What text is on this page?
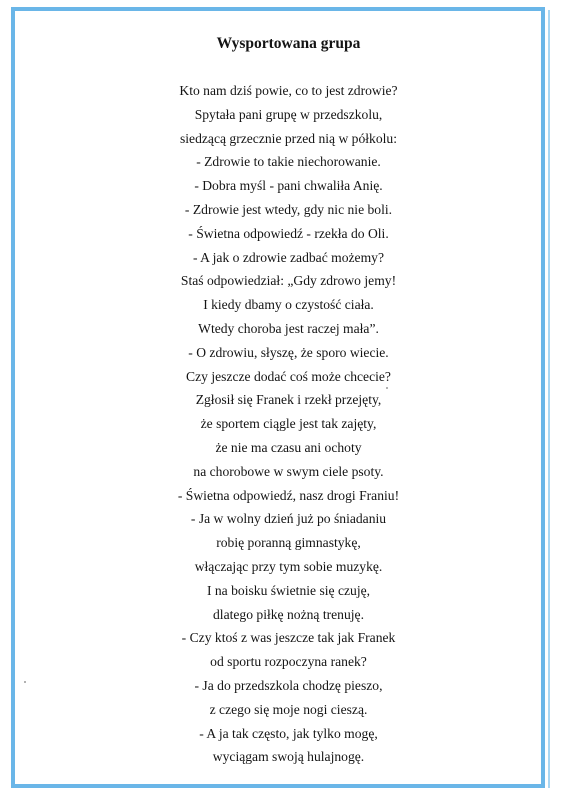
Wysportowana grupa
Kto nam dziś powie, co to jest zdrowie?
Spytała pani grupę w przedszkolu,
siedzącą grzecznie przed nią w półkolu:
- Zdrowie to takie niechorowanie.
- Dobra myśl - pani chwaliła Anię.
- Zdrowie jest wtedy, gdy nic nie boli.
- Świetna odpowiedź - rzekła do Oli.
- A jak o zdrowie zadbać możemy?
Staś odpowiedział: „Gdy zdrowo jemy!
I kiedy dbamy o czystość ciała.
Wtedy choroba jest raczej mała”.
- O zdrowiu, słyszę, że sporo wiecie.
Czy jeszcze dodać coś może chcecie?
Zgłosił się Franek i rzekł przejęty,
że sportem ciągle jest tak zajęty,
że nie ma czasu ani ochoty
na chorobowe w swym ciele psoty.
- Świetna odpowiedź, nasz drogi Franiu!
- Ja w wolny dzień już po śniadaniu
robię poranną gimnastykę,
włączając przy tym sobie muzykę.
I na boisku świetnie się czuję,
dlatego piłkę nożną trenuję.
- Czy ktoś z was jeszcze tak jak Franek
od sportu rozpoczyna ranek?
- Ja do przedszkola chodzę pieszo,
z czego się moje nogi cieszą.
- A ja tak często, jak tylko mogę,
wyciągam swoją hulajnogę.
